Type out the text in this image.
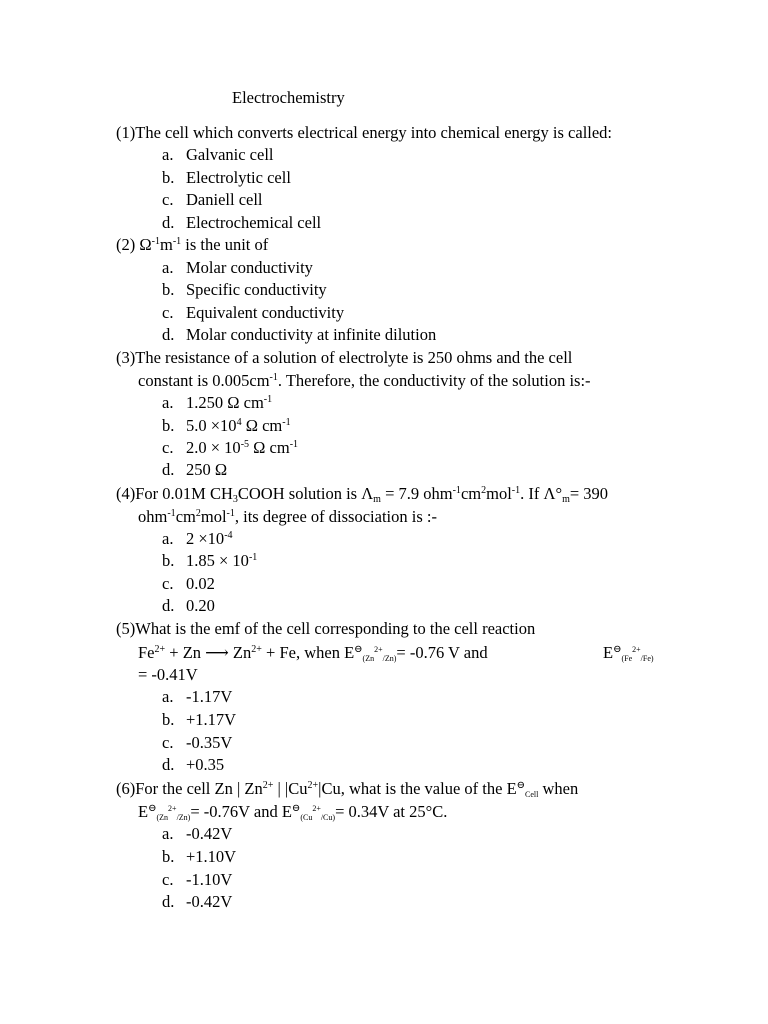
Electrochemistry
(1)The cell which converts electrical energy into chemical energy is called:
a. Galvanic cell
b. Electrolytic cell
c. Daniell cell
d. Electrochemical cell
(2) $\Omega^{-1}m^{-1}$ is the unit of
a. Molar conductivity
b. Specific conductivity
c. Equivalent conductivity
d. Molar conductivity at infinite dilution
(3)The resistance of a solution of electrolyte is 250 ohms and the cell
constant is $0.005cm^{-1}$. Therefore, the conductivity of the solution is:-
a. 1.250 Ω $cm^{-1}$
b. $5.0 \times 10^4$ Ω $cm^{-1}$
c. $2.0 \times 10^{-5}$ Ω $cm^{-1}$
d. 250 Ω
(4)For 0.01M $CH_3COOH$ solution is $\Lambda_m = 7.9$ $ohm^{-1}cm^2mol^{-1}$. If $\Lambda^\circ_m= 390$
$ohm^{-1}cm^2mol^{-1}$, its degree of dissociation is :-
a. $2 \times 10^{-4}$
b. $1.85 \times 10^{-1}$
c. 0.02
d. 0.20
(5)What is the emf of the cell corresponding to the cell reaction
$Fe^{2+} + Zn$ ⟶ $Zn^{2+} + Fe$, when $E^⊖_{(Zn}^{2+}_{/Zn)}= -0.76$ V and	$E^⊖_{(Fe}^{2+}_{/Fe)}$
= -0.41V
a. -1.17V
b. +1.17V
c. -0.35V
d. +0.35
(6)For the cell Zn | $Zn^{2+}$ | $|Cu^{2+}|Cu$, what is the value of the $E^⊖_{Cell}$ when
$E^⊖_{(Zn}^{2+}_{/Zn)}= -0.76V$ and $E^⊖_{(Cu}^{2+}_{/Cu)}= 0.34V$ at 25°C.
a. -0.42V
b. +1.10V
c. -1.10V
d. -0.42V
